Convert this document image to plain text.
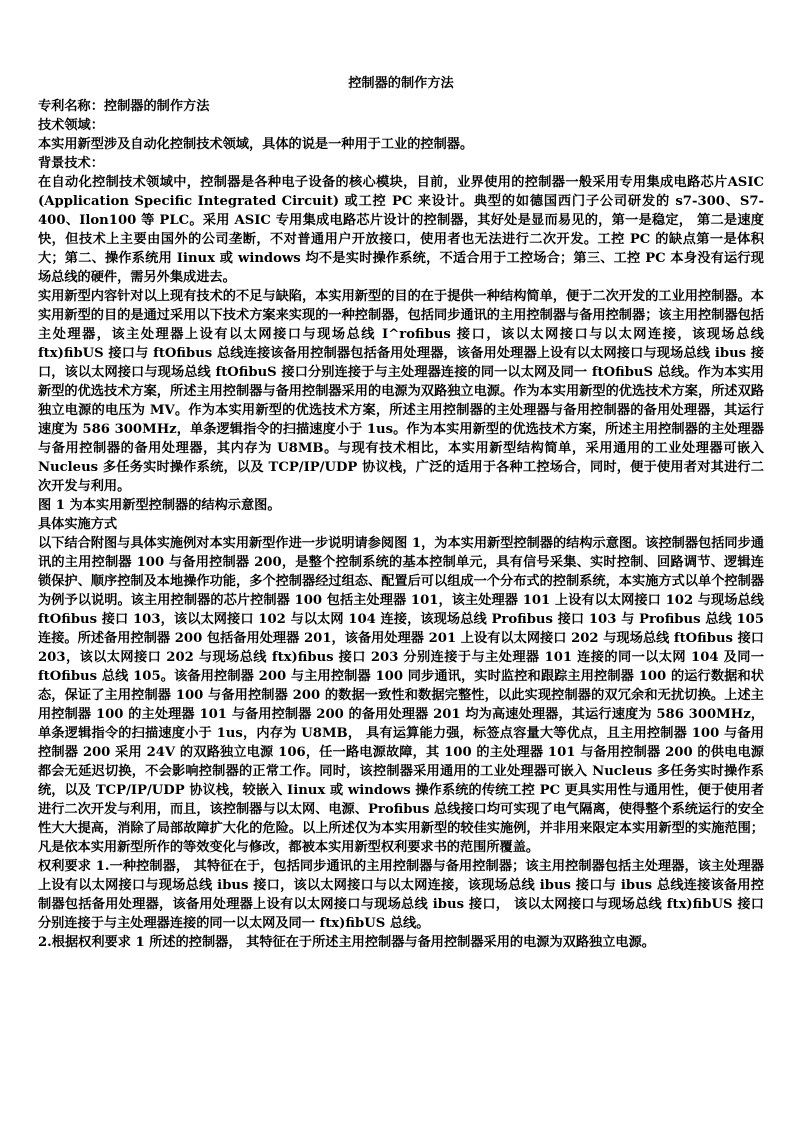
控制器的制作方法

专利名称：控制器的制作方法

技术领域：

本实用新型涉及自动化控制技术领域，具体的说是一种用于工业的控制器。

背景技术：

在自动化控制技术领域中，控制器是各种电子设备的核心模块，目前，业界使用的控制器一般采用专用集成电路芯片ASIC (Application Specific Integrated Circuit) 或工控 PC 来设计。典型的如德国西门子公司研发的 s7-300、S7-400、Ilon100 等 PLC。采用 ASIC 专用集成电路芯片设计的控制器，其好处是显而易见的，第一是稳定， 第二是速度快，但技术上主要由国外的公司垄断，不对普通用户开放接口，使用者也无法进行二次开发。工控 PC 的缺点第一是体积大；第二、操作系统用 Iinux 或 windows 均不是实时操作系统，不适合用于工控场合；第三、工控 PC 本身没有运行现场总线的硬件，需另外集成进去。

实用新型内容针对以上现有技术的不足与缺陷，本实用新型的目的在于提供一种结构简单，便于二次开发的工业用控制器。本实用新型的目的是通过采用以下技术方案来实现的一种控制器，包括同步通讯的主用控制器与备用控制器；该主用控制器包括主处理器，该主处理器上设有以太网接口与现场总线 I^rofibus 接口，该以太网接口与以太网连接，该现场总线 ftx)fibUS 接口与 ftOfibus 总线连接该备用控制器包括备用处理器，该备用处理器上设有以太网接口与现场总线 ibus 接口，该以太网接口与现场总线 ftOfibuS 接口分别连接于与主处理器连接的同一以太网及同一 ftOfibuS 总线。作为本实用新型的优选技术方案，所述主用控制器与备用控制器采用的电源为双路独立电源。作为本实用新型的优选技术方案，所述双路独立电源的电压为 MV。作为本实用新型的优选技术方案，所述主用控制器的主处理器与备用控制器的备用处理器，其运行速度为 586 300MHz，单条逻辑指令的扫描速度小于 1us。作为本实用新型的优选技术方案，所述主用控制器的主处理器与备用控制器的备用处理器，其内存为 U8MB。与现有技术相比，本实用新型结构简单，采用通用的工业处理器可嵌入 Nucleus 多任务实时操作系统，以及 TCP/IP/UDP 协议栈，广泛的适用于各种工控场合，同时，便于使用者对其进行二次开发与利用。

图 1 为本实用新型控制器的结构示意图。

具体实施方式

以下结合附图与具体实施例对本实用新型作进一步说明请参阅图 1，为本实用新型控制器的结构示意图。该控制器包括同步通讯的主用控制器 100 与备用控制器 200，是整个控制系统的基本控制单元，具有信号采集、实时控制、回路调节、逻辑连锁保护、顺序控制及本地操作功能，多个控制器经过组态、配置后可以组成一个分布式的控制系统，本实施方式以单个控制器为例予以说明。该主用控制器的芯片控制器 100 包括主处理器 101，该主处理器 101 上设有以太网接口 102 与现场总线 ftOfibus 接口 103，该以太网接口 102 与以太网 104 连接，该现场总线 Profibus 接口 103 与 Profibus 总线 105 连接。所述备用控制器 200 包括备用处理器 201，该备用处理器 201 上设有以太网接口 202 与现场总线 ftOfibus 接口 203，该以太网接口 202 与现场总线 ftx)fibus 接口 203 分别连接于与主处理器 101 连接的同一以太网 104 及同一 ftOfibus 总线 105。该备用控制器 200 与主用控制器 100 同步通讯，实时监控和跟踪主用控制器 100 的运行数据和状态，保证了主用控制器 100 与备用控制器 200 的数据一致性和数据完整性，以此实现控制器的双冗余和无扰切换。上述主用控制器 100 的主处理器 101 与备用控制器 200 的备用处理器 201 均为高速处理器，其运行速度为 586 300MHz，单条逻辑指令的扫描速度小于 1us，内存为 U8MB， 具有运算能力强，标签点容量大等优点，且主用控制器 100 与备用控制器 200 采用 24V 的双路独立电源 106，任一路电源故障，其 100 的主处理器 101 与备用控制器 200 的供电电源都会无延迟切换，不会影响控制器的正常工作。同时，该控制器采用通用的工业处理器可嵌入 Nucleus 多任务实时操作系统，以及 TCP/IP/UDP 协议栈，较嵌入 Iinux 或 windows 操作系统的传统工控 PC 更具实用性与通用性，便于使用者进行二次开发与利用，而且，该控制器与以太网、电源、Profibus 总线接口均可实现了电气隔离，使得整个系统运行的安全性大大提高，消除了局部故障扩大化的危险。以上所述仅为本实用新型的较佳实施例，并非用来限定本实用新型的实施范围； 凡是依本实用新型所作的等效变化与修改，都被本实用新型权利要求书的范围所覆盖。

权利要求 1.一种控制器， 其特征在于，包括同步通讯的主用控制器与备用控制器；该主用控制器包括主处理器，该主处理器上设有以太网接口与现场总线 ibus 接口，该以太网接口与以太网连接，该现场总线 ibus 接口与 ibus 总线连接该备用控制器包括备用处理器，该备用处理器上设有以太网接口与现场总线 ibus 接口， 该以太网接口与现场总线 ftx)fibUS 接口分别连接于与主处理器连接的同一以太网及同一 ftx)fibUS 总线。

2.根据权利要求 1 所述的控制器， 其特征在于所述主用控制器与备用控制器采用的电源为双路独立电源。
